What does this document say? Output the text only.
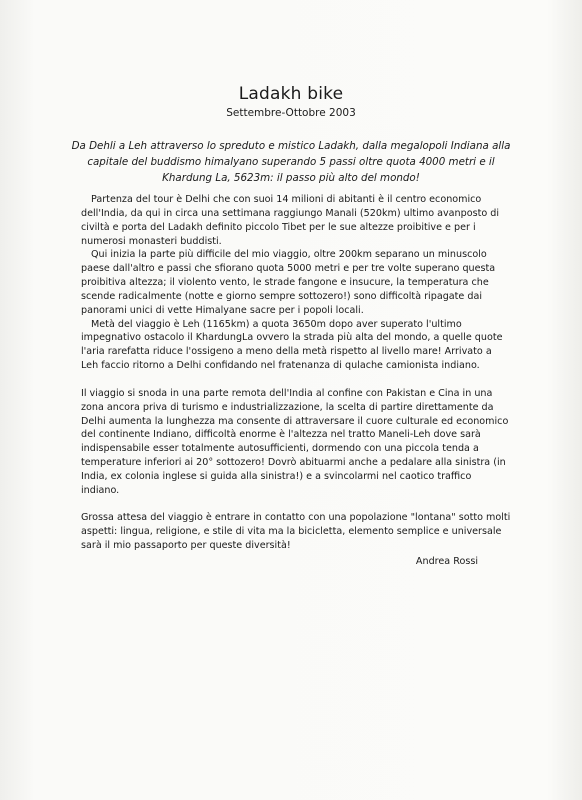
Ladakh bike
Settembre-Ottobre 2003
Da Dehli a Leh attraverso lo spreduto e mistico Ladakh, dalla megalopoli Indiana alla capitale del buddismo himalyano superando 5 passi oltre quota 4000 metri e il Khardung La, 5623m: il passo più alto del mondo!

Partenza del tour è Delhi che con suoi 14 milioni di abitanti è il centro economico dell'India, da qui in circa una settimana raggiungo Manali (520km) ultimo avanposto di civiltà e porta del Ladakh definito piccolo Tibet per le sue altezze proibitive e per i numerosi monasteri buddisti.

Qui inizia la parte più difficile del mio viaggio, oltre 200km separano un minuscolo paese dall'altro e passi che sfiorano quota 5000 metri e per tre volte superano questa proibitiva altezza; il violento vento, le strade fangone e insucure, la temperatura che scende radicalmente (notte e giorno sempre sottozero!) sono difficoltà ripagate dai panorami unici di vette Himalyane sacre per i popoli locali.

Metà del viaggio è Leh (1165km) a quota 3650m dopo aver superato l'ultimo impegnativo ostacolo il KhardungLa ovvero la strada più alta del mondo, a quelle quote l'aria rarefatta riduce l'ossigeno a meno della metà rispetto al livello mare! Arrivato a Leh faccio ritorno a Delhi confidando nel fratenanza di qulache camionista indiano.

Il viaggio si snoda in una parte remota dell'India al confine con Pakistan e Cina in una zona ancora priva di turismo e industrializzazione, la scelta di partire direttamente da Delhi aumenta la lunghezza ma consente di attraversare il cuore culturale ed economico del continente Indiano, difficoltà enorme è l'altezza nel tratto Maneli-Leh dove sarà indispensabile esser totalmente autosufficienti, dormendo con una piccola tenda a temperature inferiori ai 20° sottozero! Dovrò abituarmi anche a pedalare alla sinistra (in India, ex colonia inglese si guida alla sinistra!) e a svincolarmi nel caotico traffico indiano.

Grossa attesa del viaggio è entrare in contatto con una popolazione "lontana" sotto molti aspetti: lingua, religione, e stile di vita ma la bicicletta, elemento semplice e universale sarà il mio passaporto per queste diversità!

Andrea Rossi
